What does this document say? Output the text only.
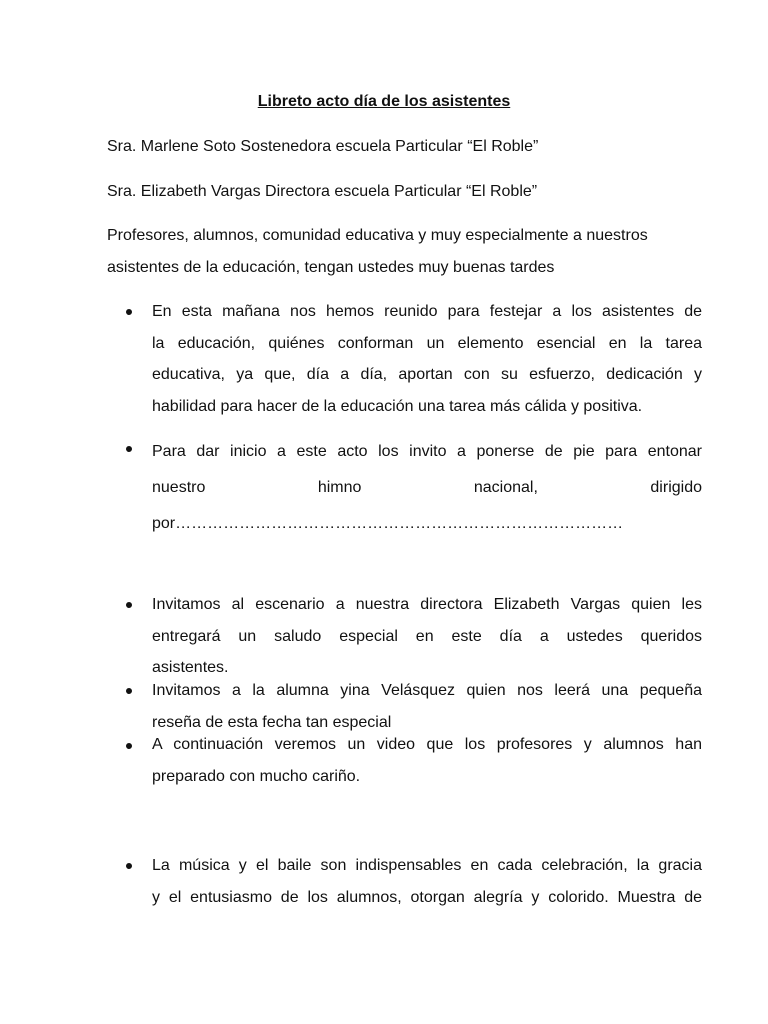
Libreto acto día de los asistentes
Sra. Marlene Soto Sostenedora escuela Particular “El Roble”
Sra. Elizabeth Vargas Directora escuela Particular “El Roble”
Profesores, alumnos, comunidad educativa y muy especialmente a nuestros
asistentes de la educación, tengan ustedes muy buenas tardes
En esta mañana nos hemos reunido para festejar a los asistentes de
la educación, quiénes conforman un elemento esencial en la tarea
educativa, ya que, día a día, aportan con su esfuerzo, dedicación y
habilidad para hacer de la educación una tarea más cálida y positiva.
Para dar inicio a este acto los invito a ponerse de pie para entonar
nuestro himno nacional, dirigido
por…………………………………………………………………………
Invitamos al escenario a nuestra directora Elizabeth Vargas quien les
entregará un saludo especial en este día a ustedes queridos
asistentes.
Invitamos a la alumna yina Velásquez quien nos leerá una pequeña
reseña de esta fecha tan especial
A continuación veremos un video que los profesores y alumnos han
preparado con mucho cariño.
La música y el baile son indispensables en cada celebración, la gracia
y el entusiasmo de los alumnos, otorgan alegría y colorido. Muestra de
